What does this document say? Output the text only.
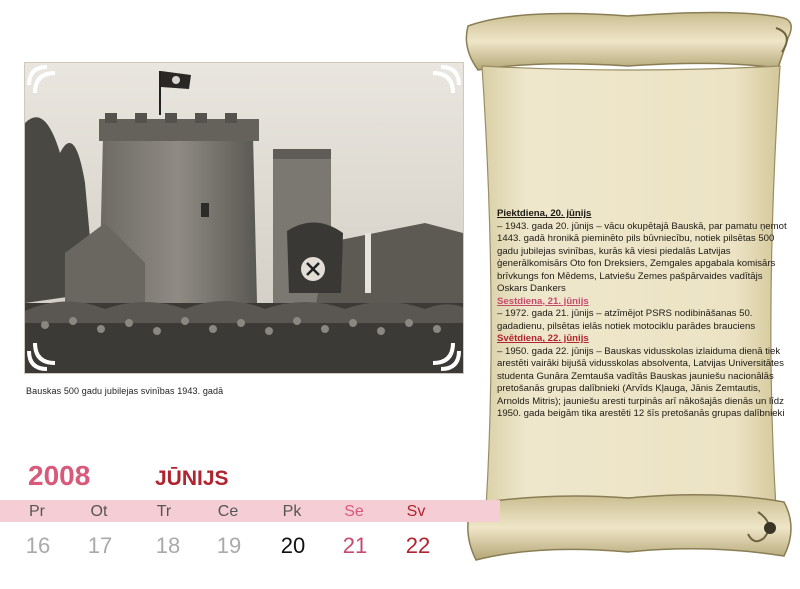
Bauskas 500 gadu jubilejas svinības 1943. gadā

Piektdiena, 20. jūnijs

– 1943. gada 20. jūnijs – vācu okupētajā Bauskā, par pamatu ņemot 1443. gadā hronikā pieminēto pils būvniecību, notiek pilsētas 500 gadu jubilejas svinības, kurās kā viesi piedalās Latvijas ģenerālkomisārs Oto fon Dreksiers, Zemgales apgabala komisārs brīvkungs fon Mēdems, Latviešu Zemes pašpārvaides vadītājs Oskars Dankers

Sestdiena, 21. jūnijs

– 1972. gada 21. jūnijs – atzīmējot PSRS nodibināšanas 50. gadadienu, pilsētas ielās notiek motociklu parādes brauciens

Svētdiena, 22. jūnijs

– 1950. gada 22. jūnijs – Bauskas vidusskolas izlaiduma dienā tiek arestēti vairāki bijušā vidusskolas absolventa, Latvijas Universitātes studenta Gunāra Zemtauša vadītās Bauskas jauniešu nacionālās pretošanās grupas dalībnieki (Arvīds Kļauga, Jānis Zemtautis, Arnolds Mitris); jauniešu aresti turpinās arī nākošajās dienās un līdz 1950. gada beigām tika arestēti 12 šīs pretošanās grupas dalībnieki

2008	JŪNIJS
Pr	Ot	Tr	Ce	Pk	Se	Sv
16	17	18	19	20	21	22
